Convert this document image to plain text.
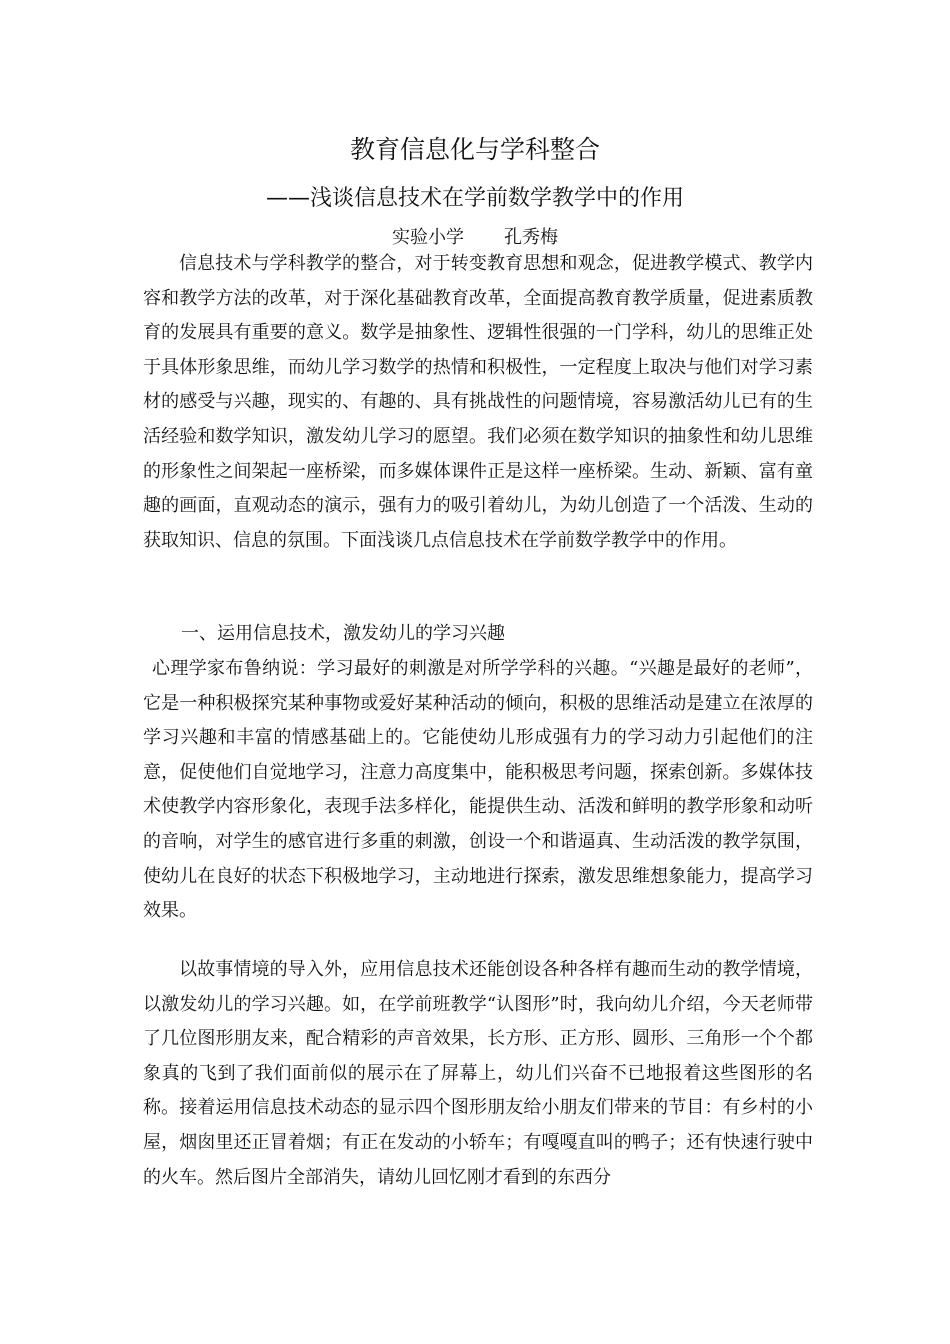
教育信息化与学科整合
——浅谈信息技术在学前数学教学中的作用
实验小学 孔秀梅

信息技术与学科教学的整合，对于转变教育思想和观念，促进教学模式、教学内容和教学方法的改革，对于深化基础教育改革，全面提高教育教学质量，促进素质教育的发展具有重要的意义。数学是抽象性、逻辑性很强的一门学科，幼儿的思维正处于具体形象思维，而幼儿学习数学的热情和积极性，一定程度上取决与他们对学习素材的感受与兴趣，现实的、有趣的、具有挑战性的问题情境，容易激活幼儿已有的生活经验和数学知识，激发幼儿学习的愿望。我们必须在数学知识的抽象性和幼儿思维的形象性之间架起一座桥梁，而多媒体课件正是这样一座桥梁。生动、新颖、富有童趣的画面，直观动态的演示，强有力的吸引着幼儿，为幼儿创造了一个活泼、生动的获取知识、信息的氛围。下面浅谈几点信息技术在学前数学教学中的作用。

一、运用信息技术，激发幼儿的学习兴趣

心理学家布鲁纳说：学习最好的刺激是对所学学科的兴趣。“兴趣是最好的老师”，它是一种积极探究某种事物或爱好某种活动的倾向，积极的思维活动是建立在浓厚的学习兴趣和丰富的情感基础上的。它能使幼儿形成强有力的学习动力引起他们的注意，促使他们自觉地学习，注意力高度集中，能积极思考问题，探索创新。多媒体技术使教学内容形象化，表现手法多样化，能提供生动、活泼和鲜明的教学形象和动听的音响，对学生的感官进行多重的刺激，创设一个和谐逼真、生动活泼的教学氛围，使幼儿在良好的状态下积极地学习，主动地进行探索，激发思维想象能力，提高学习效果。

以故事情境的导入外，应用信息技术还能创设各种各样有趣而生动的教学情境，以激发幼儿的学习兴趣。如，在学前班教学“认图形”时，我向幼儿介绍，今天老师带了几位图形朋友来，配合精彩的声音效果，长方形、正方形、圆形、三角形一个个都象真的飞到了我们面前似的展示在了屏幕上，幼儿们兴奋不已地报着这些图形的名称。接着运用信息技术动态的显示四个图形朋友给小朋友们带来的节目：有乡村的小屋，烟囱里还正冒着烟；有正在发动的小轿车；有嘎嘎直叫的鸭子；还有快速行驶中的火车。然后图片全部消失，请幼儿回忆刚才看到的东西分
